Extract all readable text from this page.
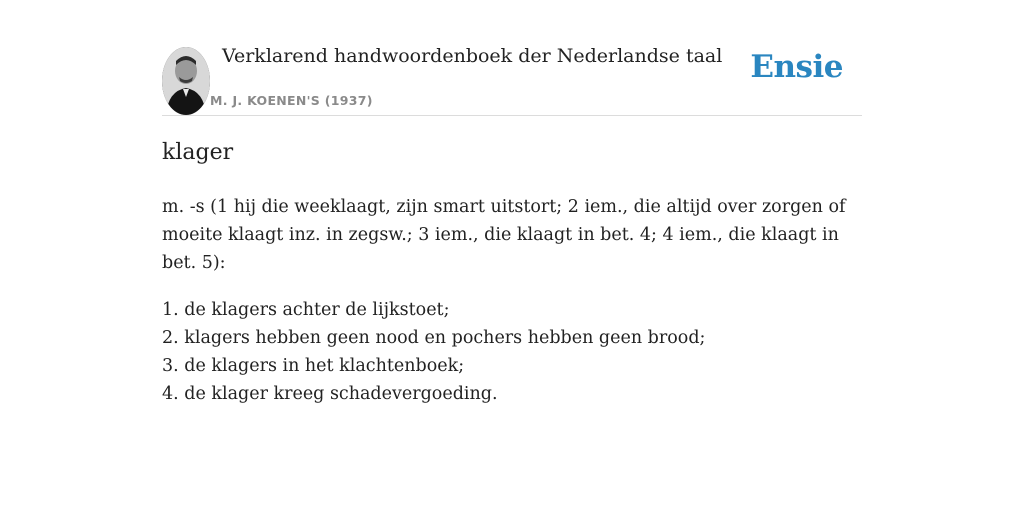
Verklarend handwoordenboek der Nederlandse taal
M. J. KOENEN'S (1937)
Ensie
klager

m. -s (1 hij die weeklaagt, zijn smart uitstort; 2 iem., die altijd over zorgen of moeite klaagt inz. in zegsw.; 3 iem., die klaagt in bet. 4; 4 iem., die klaagt in bet. 5):

1. de klagers achter de lijkstoet;
2. klagers hebben geen nood en pochers hebben geen brood;
3. de klagers in het klachtenboek;
4. de klager kreeg schadevergoeding.
